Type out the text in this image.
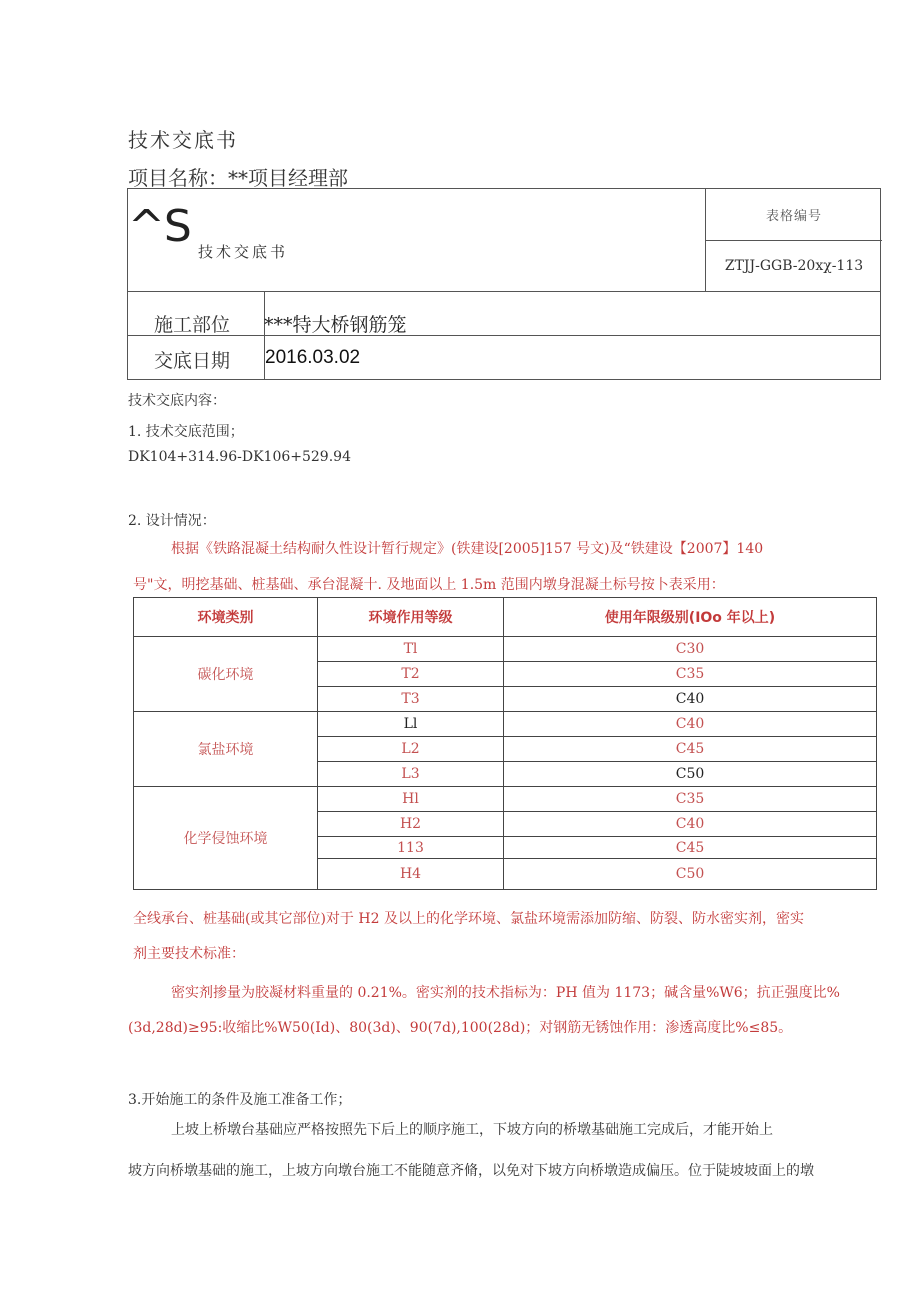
技术交底书
项目名称：**项目经理部
^S 技术交底书
表格编号
ZTJJ-GGB-20xχ-113
施工部位 ***特大桥钢筋笼
交底日期 2016.03.02
技术交底内容：
1. 技术交底范围；
DK104+314.96-DK106+529.94
2. 设计情况：
根据《铁路混凝土结构耐久性设计暂行规定》(铁建设[2005]157 号文)及“铁建设【2007】140
号"文，明挖基础、桩基础、承台混凝十. 及地面以上 1.5m 范围内墩身混凝土标号按卜表采用：
环境类别	环境作用等级	使用年限级别(IOo 年以上)
碳化环境	Tl	C30
	T2	C35
	T3	C40
氯盐环境	Ll	C40
	L2	C45
	L3	C50
化学侵蚀环境	Hl	C35
	H2	C40
	113	C45
	H4	C50
全线承台、桩基础(或其它部位)对于 H2 及以上的化学环境、氯盐环境需添加防缩、防裂、防水密实剂，密实
剂主要技术标准：
密实剂掺量为胶凝材料重量的 0.21%。密实剂的技术指标为：PH 值为 1173；碱含量%W6；抗正强度比%
(3d,28d)≥95:收缩比%W50(Id)、80(3d)、90(7d),100(28d)；对钢筋无锈蚀作用：渗透高度比%≤85。
3.开始施工的条件及施工准备工作；
上坡上桥墩台基础应严格按照先下后上的顺序施工，下坡方向的桥墩基础施工完成后，才能开始上
坡方向桥墩基础的施工，上坡方向墩台施工不能随意齐脩，以免对下坡方向桥墩造成偏压。位于陡坡坡面上的墩
